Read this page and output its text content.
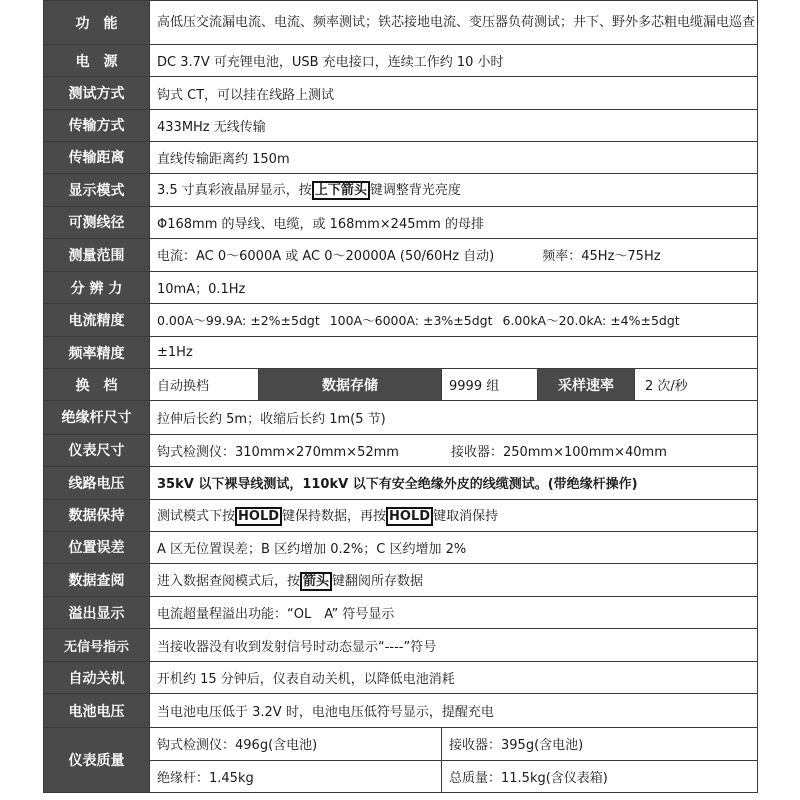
功　能	高低压交流漏电流、电流、频率测试；铁芯接地电流、变压器负荷测试；井下、野外多芯粗电缆漏电巡查			
电　源	DC 3.7V 可充锂电池，USB 充电接口，连续工作约 10 小时			
测试方式	钩式 CT，可以挂在线路上测试			
传输方式	433MHz 无线传输			
传输距离	直线传输距离约 150m			
显示模式	3.5 寸真彩液晶屏显示，按 上下箭头 键调整背光亮度			
可测线径	Φ168mm 的导线、电缆，或 168mm×245mm 的母排			
测量范围	电流：AC 0～6000A 或 AC 0～20000A (50/60Hz 自动) 频率：45Hz～75Hz			
分 辨 力	10mA；0.1Hz			
电流精度	0.00A～99.9A: ±2%±5dgt 100A～6000A: ±3%±5dgt 6.00kA～20.0kA: ±4%±5dgt			
频率精度	±1Hz			
换　档	自动换档	数据存储	9999 组	采样速率 2 次/秒

绝缘杆尺寸	拉伸后长约 5m；收缩后长约 1m(5 节)			
仪表尺寸	钩式检测仪：310mm×270mm×52mm 接收器：250mm×100mm×40mm			
线路电压	35kV 以下裸导线测试，110kV 以下有安全绝缘外皮的线缆测试。(带绝缘杆操作)			
数据保持	测试模式下按 HOLD 键保持数据，再按 HOLD 键取消保持			
位置误差	A 区无位置误差；B 区约增加 0.2%；C 区约增加 2%			
数据查阅	进入数据查阅模式后，按 箭头 键翻阅所存数据			
溢出显示	电流超量程溢出功能：“OL　A” 符号显示			
无信号指示	当接收器没有收到发射信号时动态显示“----”符号			
自动关机	开机约 15 分钟后，仪表自动关机，以降低电池消耗			
电池电压	当电池电压低于 3.2V 时，电池电压低符号显示，提醒充电			
仪表质量	钩式检测仪：496g(含电池)		接收器：395g(含电池)	
	绝缘杆：1.45kg		总质量：11.5kg(含仪表箱)	
